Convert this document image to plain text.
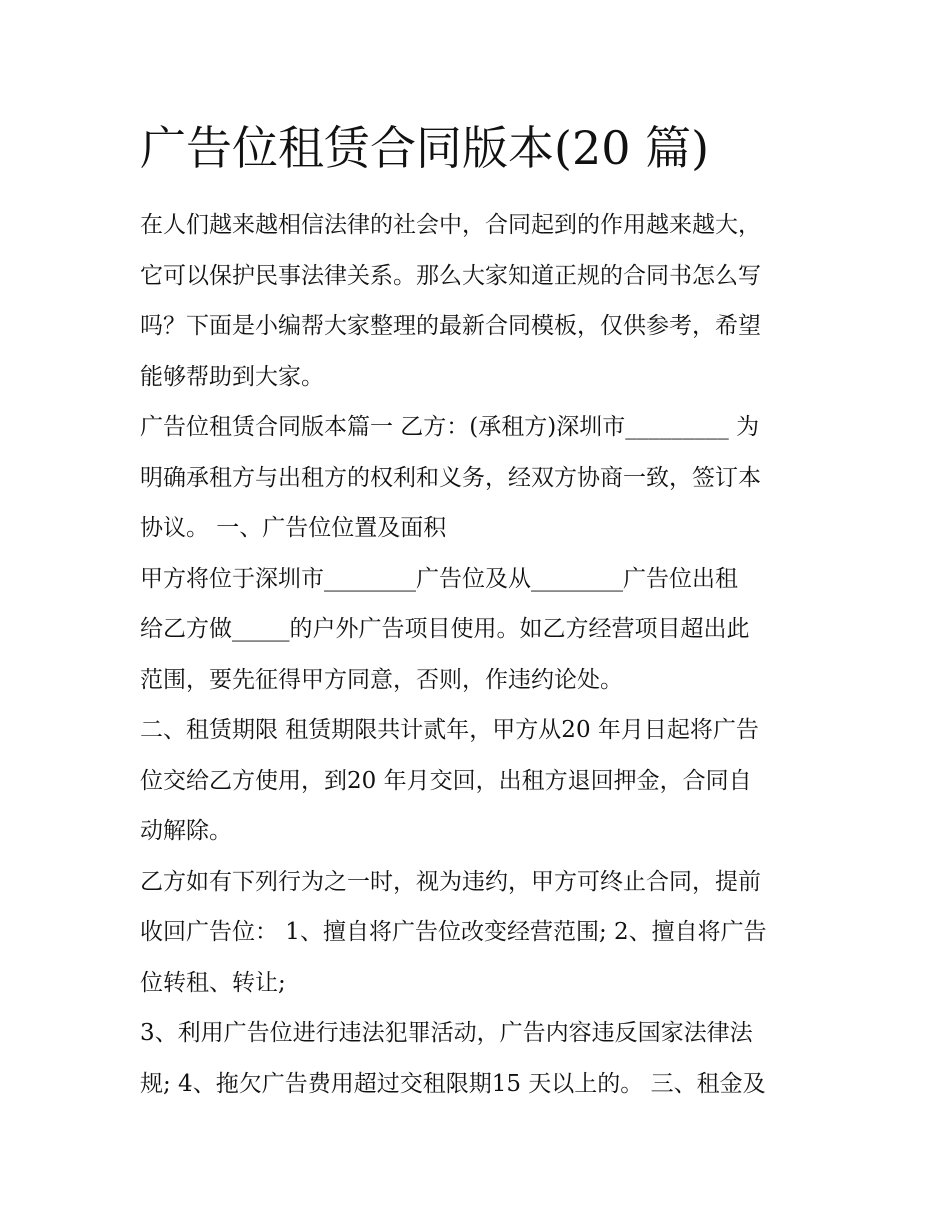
广告位租赁合同版本(20 篇)

在人们越来越相信法律的社会中，合同起到的作用越来越大，

它可以保护民事法律关系。那么大家知道正规的合同书怎么写

吗？下面是小编帮大家整理的最新合同模板，仅供参考，希望

能够帮助到大家。

广告位租赁合同版本篇一 乙方：(承租方)深圳市_________ 为

明确承租方与出租方的权利和义务，经双方协商一致，签订本

协议。 一、广告位位置及面积

甲方将位于深圳市________广告位及从________广告位出租

给乙方做_____的户外广告项目使用。如乙方经营项目超出此

范围，要先征得甲方同意，否则，作违约论处。

二、租赁期限 租赁期限共计贰年，甲方从20 年月日起将广告

位交给乙方使用，到20 年月交回，出租方退回押金，合同自

动解除。

乙方如有下列行为之一时，视为违约，甲方可终止合同，提前

收回广告位： 1、擅自将广告位改变经营范围; 2、擅自将广告

位转租、转让;

3、利用广告位进行违法犯罪活动，广告内容违反国家法律法

规; 4、拖欠广告费用超过交租限期15 天以上的。 三、租金及
